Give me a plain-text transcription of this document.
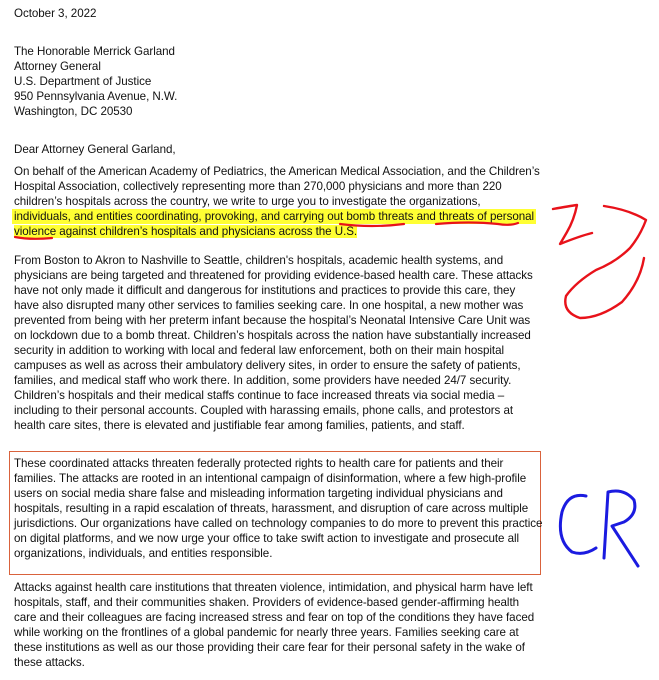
October 3, 2022
The Honorable Merrick Garland
Attorney General
U.S. Department of Justice
950 Pennsylvania Avenue, N.W.
Washington, DC 20530
Dear Attorney General Garland,
On behalf of the American Academy of Pediatrics, the American Medical Association, and the Children’s
Hospital Association, collectively representing more than 270,000 physicians and more than 220
children’s hospitals across the country, we write to urge you to investigate the organizations,
individuals, and entities coordinating, provoking, and carrying out bomb threats and threats of personal
violence against children’s hospitals and physicians across the U.S.
From Boston to Akron to Nashville to Seattle, children's hospitals, academic health systems, and
physicians are being targeted and threatened for providing evidence-based health care. These attacks
have not only made it difficult and dangerous for institutions and practices to provide this care, they
have also disrupted many other services to families seeking care. In one hospital, a new mother was
prevented from being with her preterm infant because the hospital’s Neonatal Intensive Care Unit was
on lockdown due to a bomb threat. Children’s hospitals across the nation have substantially increased
security in addition to working with local and federal law enforcement, both on their main hospital
campuses as well as across their ambulatory delivery sites, in order to ensure the safety of patients,
families, and medical staff who work there. In addition, some providers have needed 24/7 security.
Children’s hospitals and their medical staffs continue to face increased threats via social media –
including to their personal accounts. Coupled with harassing emails, phone calls, and protestors at
health care sites, there is elevated and justifiable fear among families, patients, and staff.
These coordinated attacks threaten federally protected rights to health care for patients and their
families. The attacks are rooted in an intentional campaign of disinformation, where a few high-profile
users on social media share false and misleading information targeting individual physicians and
hospitals, resulting in a rapid escalation of threats, harassment, and disruption of care across multiple
jurisdictions. Our organizations have called on technology companies to do more to prevent this practice
on digital platforms, and we now urge your office to take swift action to investigate and prosecute all
organizations, individuals, and entities responsible.
Attacks against health care institutions that threaten violence, intimidation, and physical harm have left
hospitals, staff, and their communities shaken. Providers of evidence-based gender-affirming health
care and their colleagues are facing increased stress and fear on top of the conditions they have faced
while working on the frontlines of a global pandemic for nearly three years. Families seeking care at
these institutions as well as our those providing their care fear for their personal safety in the wake of
these attacks.
